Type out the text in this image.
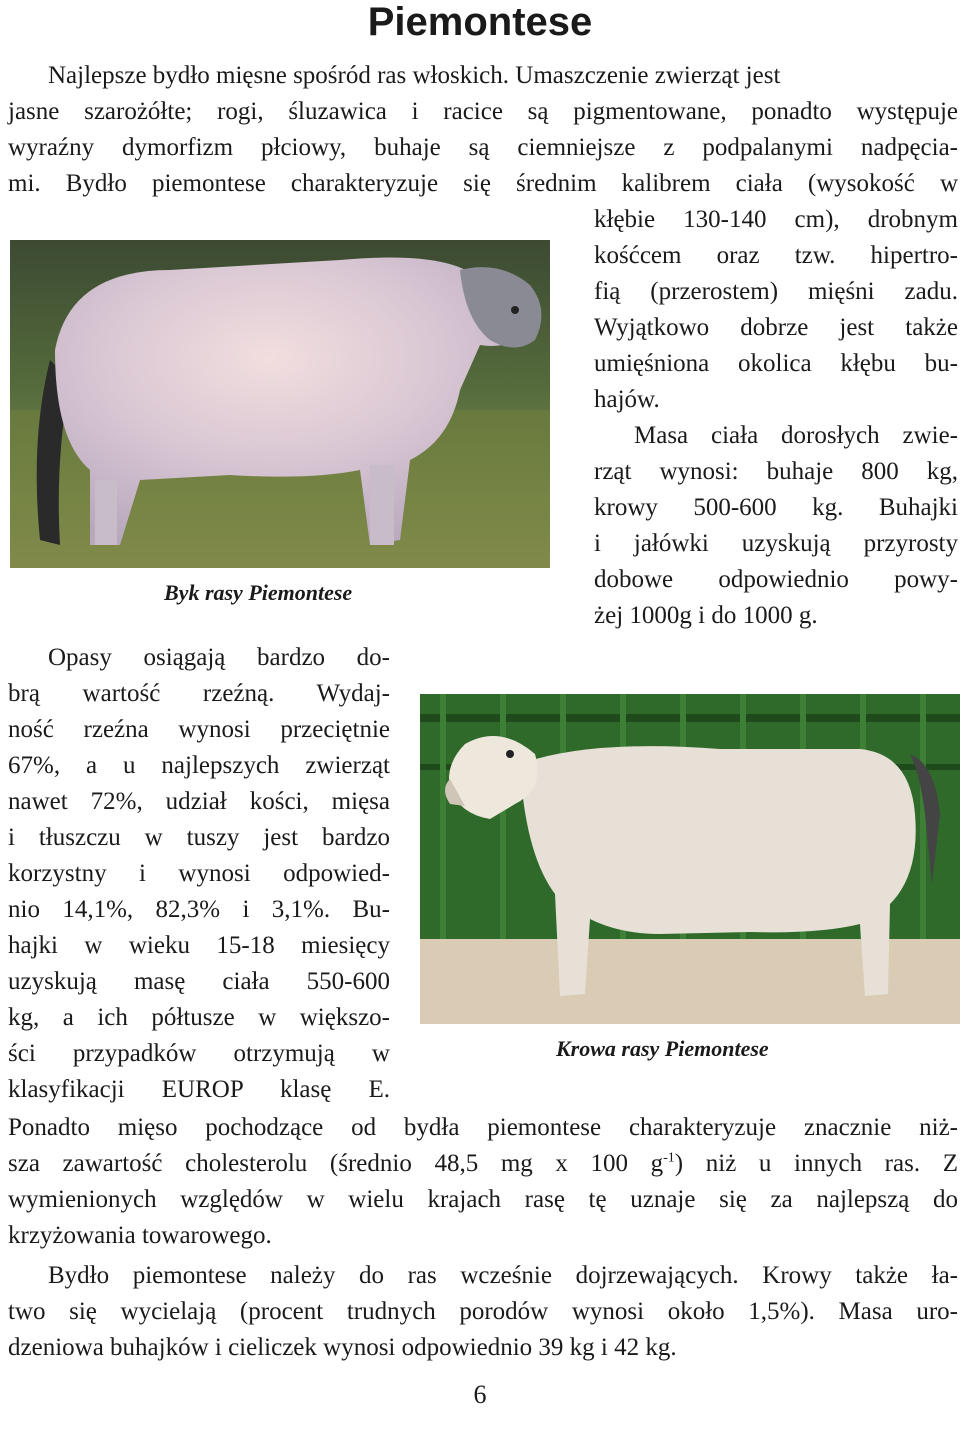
Piemontese
Najlepsze bydło mięsne spośród ras włoskich. Umaszczenie zwierząt jest
jasne szarożółte; rogi, śluzawica i racice są pigmentowane, ponadto występuje
wyraźny dymorfizm płciowy, buhaje są ciemniejsze z podpalanymi nadpęcia-
mi. Bydło piemontese charakteryzuje się średnim kalibrem ciała (wysokość w
kłębie 130-140 cm), drobnym
kośćcem oraz tzw. hipertro-
fią (przerostem) mięśni zadu.
Wyjątkowo dobrze jest także
umięśniona okolica kłębu bu-
hajów.
Masa ciała dorosłych zwie-
rząt wynosi: buhaje 800 kg,
krowy 500-600 kg. Buhajki
i jałówki uzyskują przyrosty
dobowe odpowiednio powy-
żej 1000g i do 1000 g.
Byk rasy Piemontese
Opasy osiągają bardzo do-
brą wartość rzeźną. Wydaj-
ność rzeźna wynosi przeciętnie
67%, a u najlepszych zwierząt
nawet 72%, udział kości, mięsa
i tłuszczu w tuszy jest bardzo
korzystny i wynosi odpowied-
nio 14,1%, 82,3% i 3,1%. Bu-
hajki w wieku 15-18 miesięcy
uzyskują masę ciała 550-600
kg, a ich półtusze w większo-
ści przypadków otrzymują w
klasyfikacji EUROP klasę E.
Krowa rasy Piemontese
Ponadto mięso pochodzące od bydła piemontese charakteryzuje znacznie niż-
sza zawartość cholesterolu (średnio 48,5 mg x 100 $g^{-1}$) niż u innych ras. Z
wymienionych względów w wielu krajach rasę tę uznaje się za najlepszą do
krzyżowania towarowego.
Bydło piemontese należy do ras wcześnie dojrzewających. Krowy także ła-
two się wycielają (procent trudnych porodów wynosi około 1,5%). Masa uro-
dzeniowa buhajków i cieliczek wynosi odpowiednio 39 kg i 42 kg.
6
